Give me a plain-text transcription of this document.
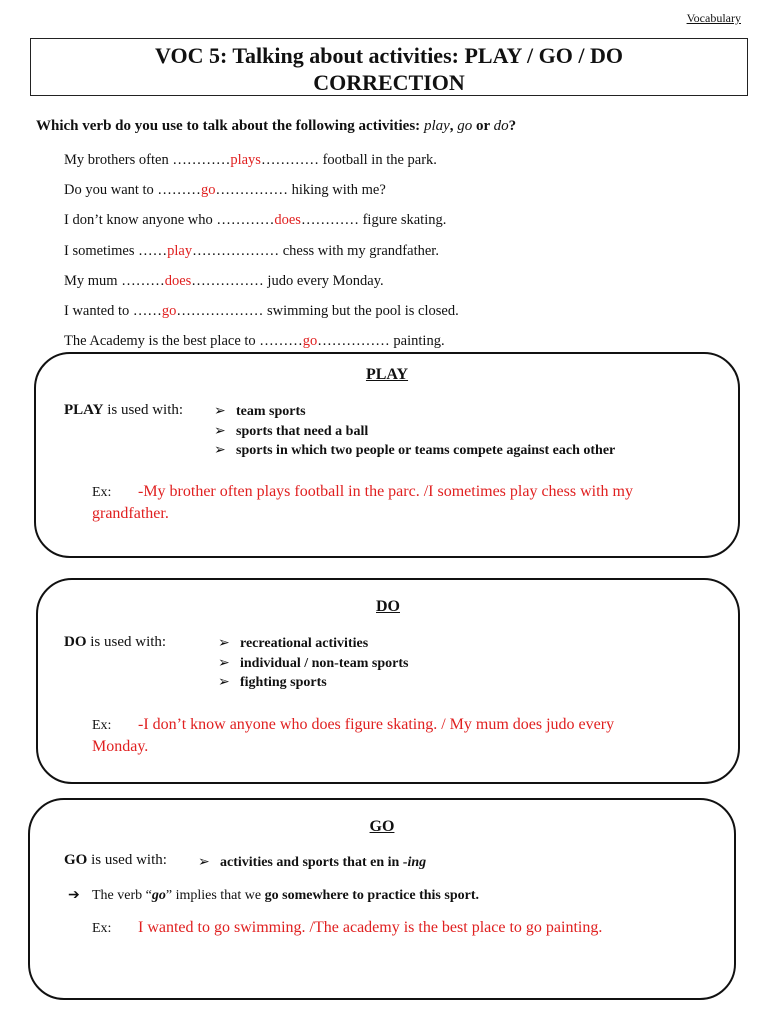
Vocabulary
VOC 5: Talking about activities: PLAY / GO / DO
CORRECTION
Which verb do you use to talk about the following activities: play, go or do?
My brothers often …………plays………… football in the park.
Do you want to ………go…………… hiking with me?
I don’t know anyone who …………does………… figure skating.
I sometimes ……play……………… chess with my grandfather.
My mum ………does…………… judo every Monday.
I wanted to ……go……………… swimming but the pool is closed.
The Academy is the best place to ………go…………… painting.
PLAY
PLAY is used with: ➢ team sports
➢ sports that need a ball
➢ sports in which two people or teams compete against each other
Ex: -My brother often plays football in the parc. /I sometimes play chess with my grandfather.
DO
DO is used with:	➢ recreational activities
➢ individual / non-team sports
➢ fighting sports
Ex: -I don’t know anyone who does figure skating. / My mum does judo every Monday.
GO
GO is used with: ➢ activities and sports that en in -ing
➔ The verb “go” implies that we go somewhere to practice this sport.
Ex: I wanted to go swimming. /The academy is the best place to go painting.
